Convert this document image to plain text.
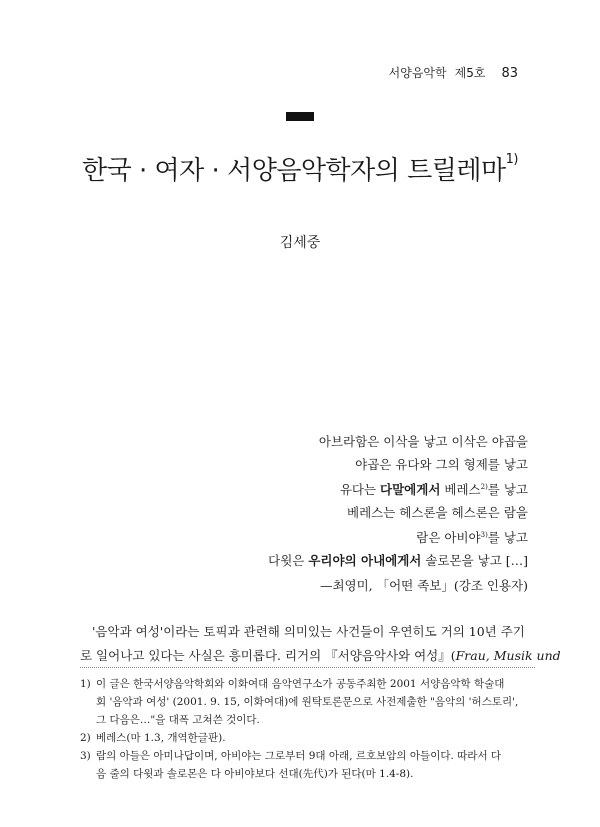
서양음악학 제5호 83
한국 · 여자 · 서양음악학자의 트릴레마$^{1)}$
김세중
아브라함은 이삭을 낳고 이삭은 야곱을
야곱은 유다와 그의 형제를 낳고
유다는 다말에게서 베레스$^{2)}$를 낳고
베레스는 헤스론을 헤스론은 람을
람은 아비야$^{3)}$를 낳고
다윗은 우리야의 아내에게서 솔로몬을 낳고 […]
—최영미, 「어떤 족보」(강조 인용자)
'음악과 여성'이라는 토픽과 관련해 의미있는 사건들이 우연히도 거의 10년 주기
로 일어나고 있다는 사실은 흥미롭다. 리거의 『서양음악사와 여성』(Frau, Musik und
1) 이 글은 한국서양음악학회와 이화여대 음악연구소가 공동주최한 2001 서양음악학 학술대
회 '음악과 여성' (2001. 9. 15, 이화여대)에 원탁토론문으로 사전제출한 "음악의 '허스토리',
그 다음은…"을 대폭 고쳐쓴 것이다.
2) 베레스(마 1.3, 개역한글판).
3) 람의 아들은 아미나답이며, 아비야는 그로부터 9대 아래, 르호보암의 아들이다. 따라서 다
음 줄의 다윗과 솔로몬은 다 아비야보다 선대(先代)가 된다(마 1.4-8).
